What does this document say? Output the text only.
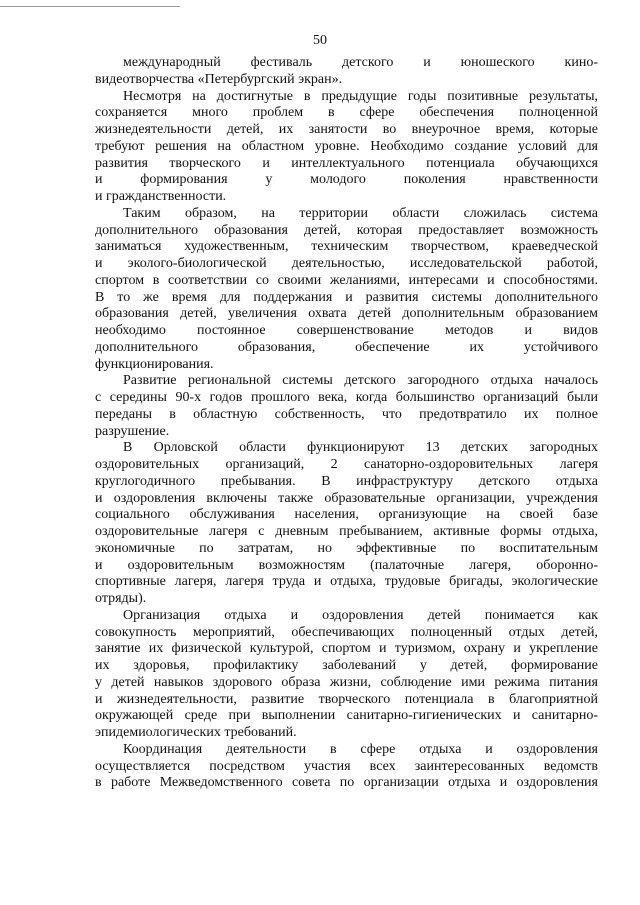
50
международный фестиваль детского и юношеского кино-
видеотворчества «Петербургский экран».
Несмотря на достигнутые в предыдущие годы позитивные результаты,
сохраняется много проблем в сфере обеспечения полноценной
жизнедеятельности детей, их занятости во внеурочное время, которые
требуют решения на областном уровне. Необходимо создание условий для
развития творческого и интеллектуального потенциала обучающихся
и формирования у молодого поколения нравственности
и гражданственности.
Таким образом, на территории области сложилась система
дополнительного образования детей, которая предоставляет возможность
заниматься художественным, техническим творчеством, краеведческой
и эколого-биологической деятельностью, исследовательской работой,
спортом в соответствии со своими желаниями, интересами и способностями.
В то же время для поддержания и развития системы дополнительного
образования детей, увеличения охвата детей дополнительным образованием
необходимо постоянное совершенствование методов и видов
дополнительного образования, обеспечение их устойчивого
функционирования.
Развитие региональной системы детского загородного отдыха началось
с середины 90-х годов прошлого века, когда большинство организаций были
переданы в областную собственность, что предотвратило их полное
разрушение.
В Орловской области функционируют 13 детских загородных
оздоровительных организаций, 2 санаторно-оздоровительных лагеря
круглогодичного пребывания. В инфраструктуру детского отдыха
и оздоровления включены также образовательные организации, учреждения
социального обслуживания населения, организующие на своей базе
оздоровительные лагеря с дневным пребыванием, активные формы отдыха,
экономичные по затратам, но эффективные по воспитательным
и оздоровительным возможностям (палаточные лагеря, оборонно-
спортивные лагеря, лагеря труда и отдыха, трудовые бригады, экологические
отряды).
Организация отдыха и оздоровления детей понимается как
совокупность мероприятий, обеспечивающих полноценный отдых детей,
занятие их физической культурой, спортом и туризмом, охрану и укрепление
их здоровья, профилактику заболеваний у детей, формирование
у детей навыков здорового образа жизни, соблюдение ими режима питания
и жизнедеятельности, развитие творческого потенциала в благоприятной
окружающей среде при выполнении санитарно-гигиенических и санитарно-
эпидемиологических требований.
Координация деятельности в сфере отдыха и оздоровления
осуществляется посредством участия всех заинтересованных ведомств
в работе Межведомственного совета по организации отдыха и оздоровления
